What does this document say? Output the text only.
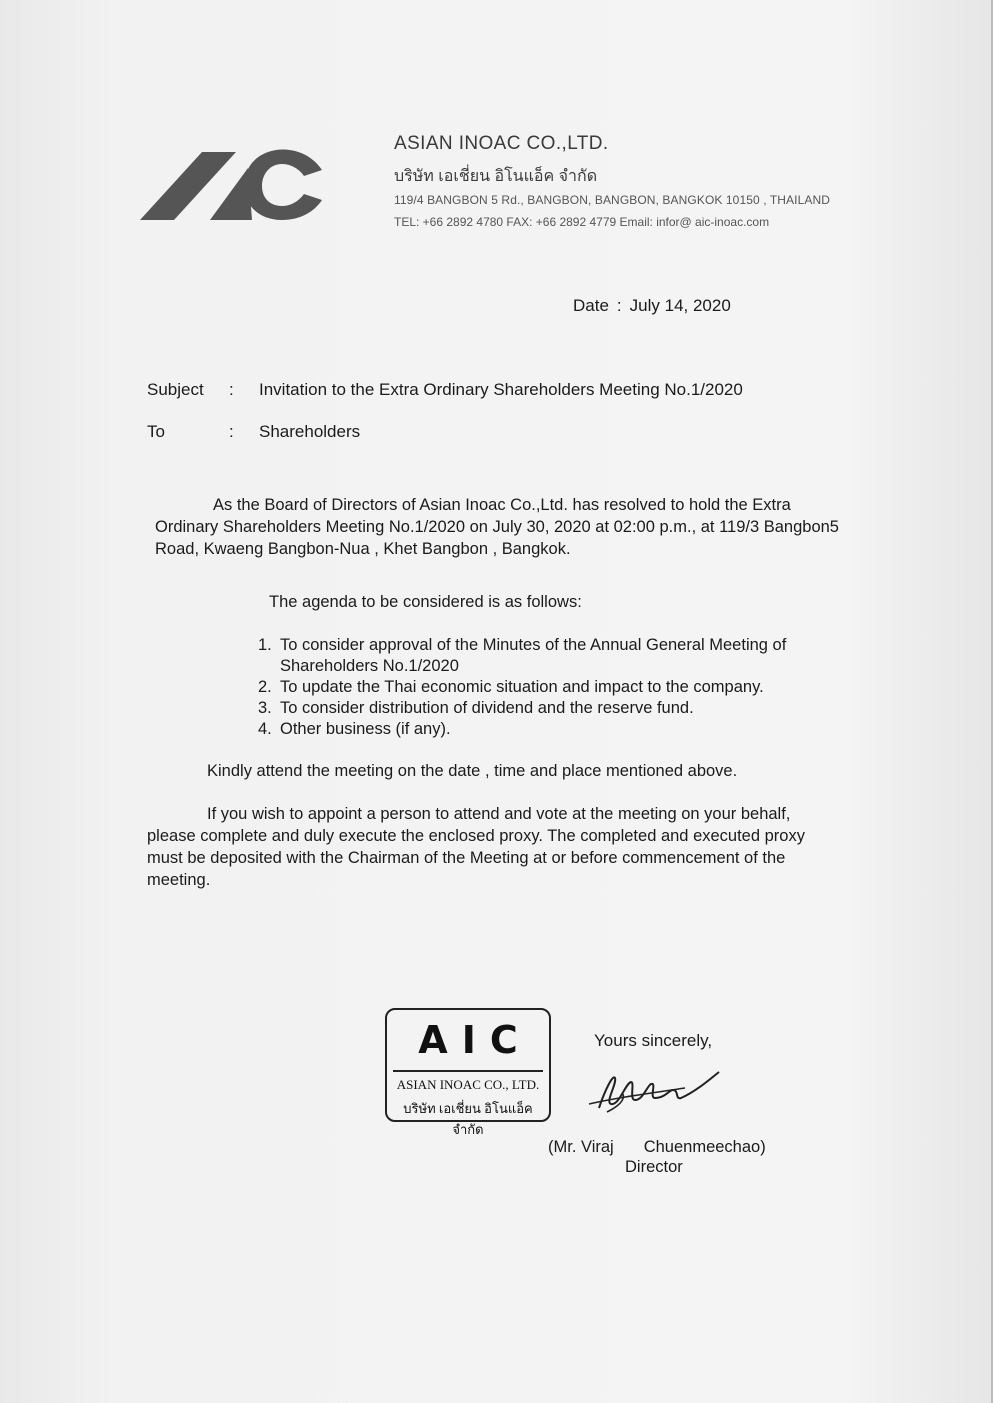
ASIAN INOAC CO.,LTD.
บริษัท เอเชี่ยน อิโนแอ็ค จำกัด
119/4 BANGBON 5 Rd., BANGBON, BANGBON, BANGKOK 10150 , THAILAND
TEL: +66 2892 4780 FAX: +66 2892 4779 Email: infor@ aic-inoac.com
Date : July 14, 2020
Subject : Invitation to the Extra Ordinary Shareholders Meeting No.1/2020
To	: Shareholders
As the Board of Directors of Asian Inoac Co.,Ltd. has resolved to hold the Extra Ordinary Shareholders Meeting No.1/2020 on July 30, 2020 at 02:00 p.m., at 119/3 Bangbon5 Road, Kwaeng Bangbon-Nua , Khet Bangbon , Bangkok.
The agenda to be considered is as follows:
1. To consider approval of the Minutes of the Annual General Meeting of Shareholders No.1/2020
2. To update the Thai economic situation and impact to the company.
3. To consider distribution of dividend and the reserve fund.
4. Other business (if any).
Kindly attend the meeting on the date , time and place mentioned above.
If you wish to appoint a person to attend and vote at the meeting on your behalf, please complete and duly execute the enclosed proxy. The completed and executed proxy must be deposited with the Chairman of the Meeting at or before commencement of the meeting.
AIC
ASIAN INOAC CO., LTD.
บริษัท เอเชี่ยน อิโนแอ็ค จำกัด
Yours sincerely,
(Mr. Viraj Chuenmeechao)
Director
